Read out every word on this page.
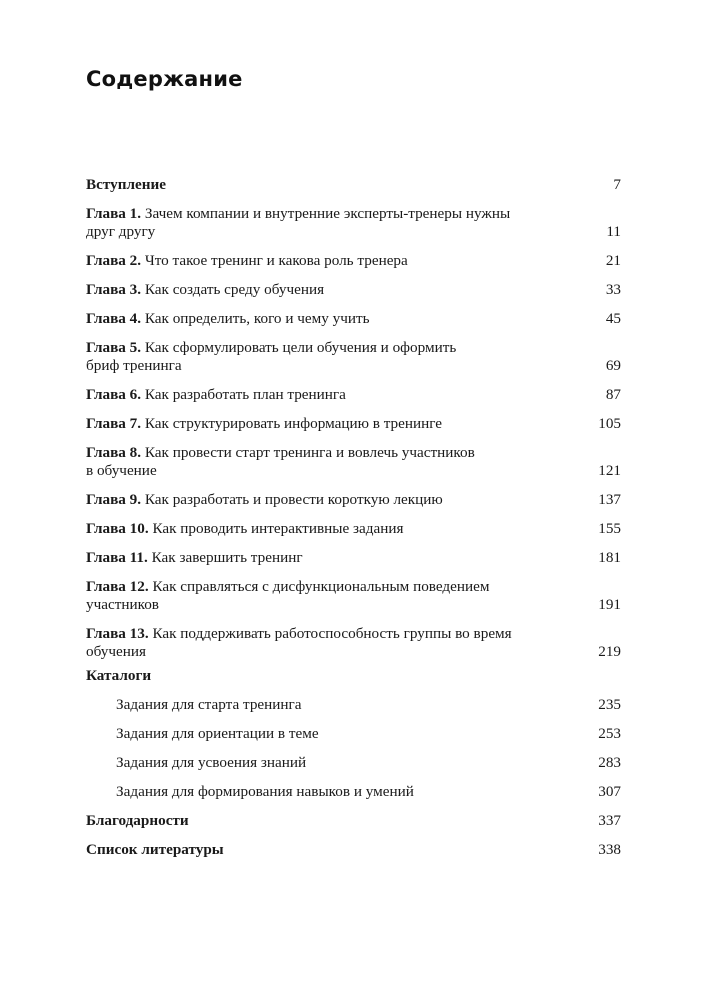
Содержание
Вступление	7
Глава 1. Зачем компании и внутренние эксперты-тренеры нужны
друг другу	11
Глава 2. Что такое тренинг и какова роль тренера	21
Глава 3. Как создать среду обучения	33
Глава 4. Как определить, кого и чему учить	45
Глава 5. Как сформулировать цели обучения и оформить
бриф тренинга	69
Глава 6. Как разработать план тренинга	87
Глава 7. Как структурировать информацию в тренинге	105
Глава 8. Как провести старт тренинга и вовлечь участников
в обучение	121
Глава 9. Как разработать и провести короткую лекцию	137
Глава 10. Как проводить интерактивные задания	155
Глава 11. Как завершить тренинг	181
Глава 12. Как справляться с дисфункциональным поведением
участников	191
Глава 13. Как поддерживать работоспособность группы во время
обучения	219
Каталоги
Задания для старта тренинга	235
Задания для ориентации в теме	253
Задания для усвоения знаний	283
Задания для формирования навыков и умений	307
Благодарности	337
Список литературы	338
